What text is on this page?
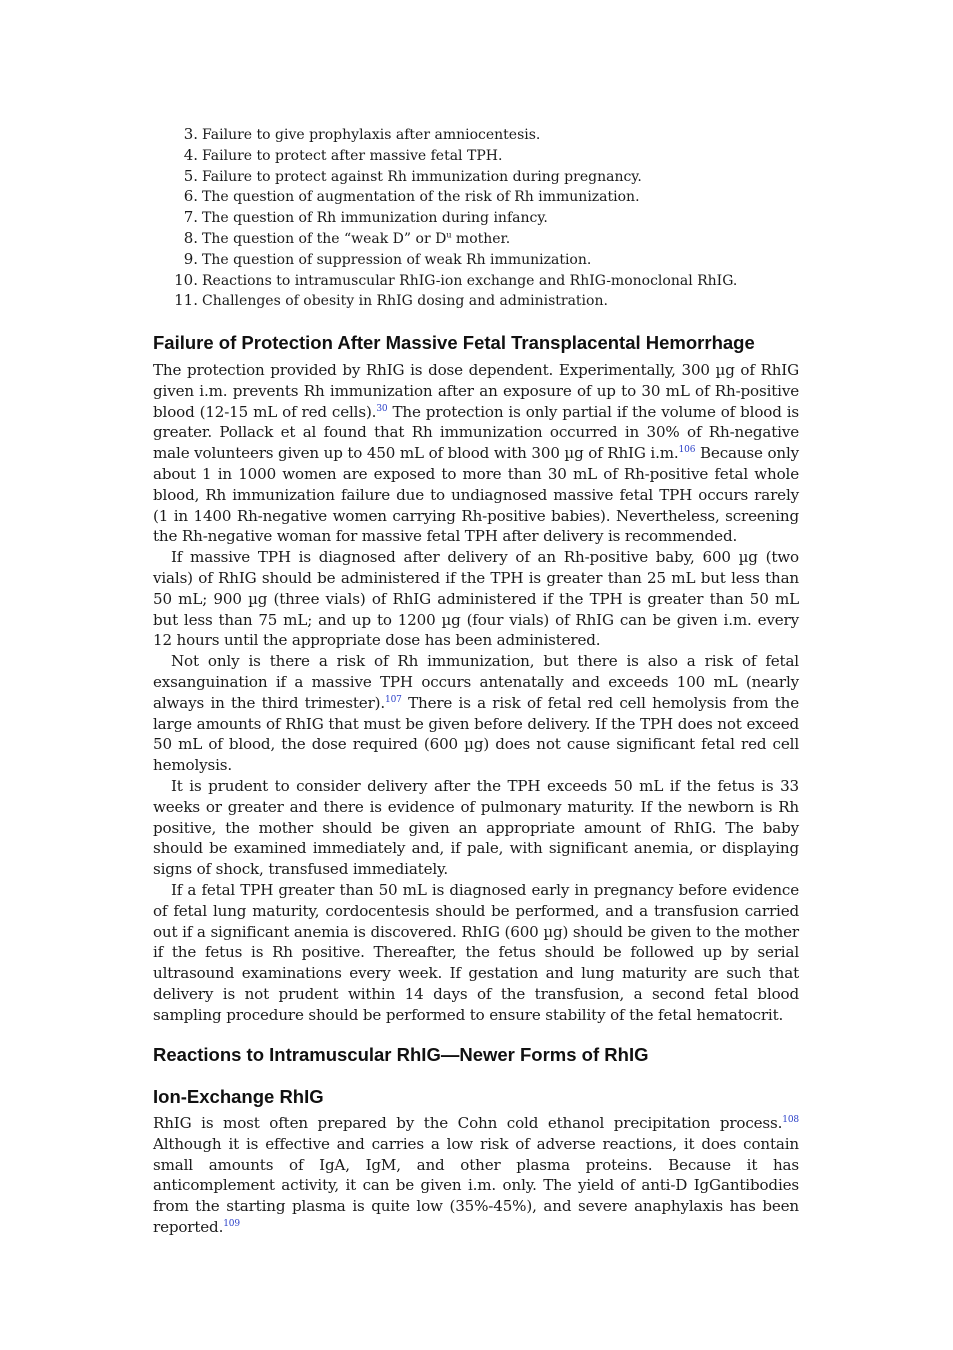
3. Failure to give prophylaxis after amniocentesis.
4. Failure to protect after massive fetal TPH.
5. Failure to protect against Rh immunization during pregnancy.
6. The question of augmentation of the risk of Rh immunization.
7. The question of Rh immunization during infancy.
8. The question of the “weak D” or $D^u$ mother.
9. The question of suppression of weak Rh immunization.
10. Reactions to intramuscular RhIG-ion exchange and RhIG-monoclonal RhIG.
11. Challenges of obesity in RhIG dosing and administration.
Failure of Protection After Massive Fetal Transplacental Hemorrhage

The protection provided by RhIG is dose dependent. Experimentally, 300 µg of RhIG given i.m. prevents Rh immunization after an exposure of up to 30 mL of Rh-positive blood (12-15 mL of red cells).$^{30}$ The protection is only partial if the volume of blood is greater. Pollack et al found that Rh immunization occurred in 30% of Rh-negative male volunteers given up to 450 mL of blood with 300 µg of RhIG i.m.$^{106}$ Because only about 1 in 1000 women are exposed to more than 30 mL of Rh-positive fetal whole blood, Rh immunization failure due to undiagnosed massive fetal TPH occurs rarely (1 in 1400 Rh-negative women carrying Rh-positive babies). Nevertheless, screening the Rh-negative woman for massive fetal TPH after delivery is recommended.

If massive TPH is diagnosed after delivery of an Rh-positive baby, 600 µg (two vials) of RhIG should be administered if the TPH is greater than 25 mL but less than 50 mL; 900 µg (three vials) of RhIG administered if the TPH is greater than 50 mL but less than 75 mL; and up to 1200 µg (four vials) of RhIG can be given i.m. every 12 hours until the appropriate dose has been administered.

Not only is there a risk of Rh immunization, but there is also a risk of fetal exsanguination if a massive TPH occurs antenatally and exceeds 100 mL (nearly always in the third trimester).$^{107}$ There is a risk of fetal red cell hemolysis from the large amounts of RhIG that must be given before delivery. If the TPH does not exceed 50 mL of blood, the dose required (600 µg) does not cause significant fetal red cell hemolysis.

It is prudent to consider delivery after the TPH exceeds 50 mL if the fetus is 33 weeks or greater and there is evidence of pulmonary maturity. If the newborn is Rh positive, the mother should be given an appropriate amount of RhIG. The baby should be examined immediately and, if pale, with significant anemia, or displaying signs of shock, transfused immediately.

If a fetal TPH greater than 50 mL is diagnosed early in pregnancy before evidence of fetal lung maturity, cordocentesis should be performed, and a transfusion carried out if a significant anemia is discovered. RhIG (600 µg) should be given to the mother if the fetus is Rh positive. Thereafter, the fetus should be followed up by serial ultrasound examinations every week. If gestation and lung maturity are such that delivery is not prudent within 14 days of the transfusion, a second fetal blood sampling procedure should be performed to ensure stability of the fetal hematocrit.

Reactions to Intramuscular RhIG—Newer Forms of RhIG
Ion-Exchange RhIG

RhIG is most often prepared by the Cohn cold ethanol precipitation process.$^{108}$ Although it is effective and carries a low risk of adverse reactions, it does contain small amounts of IgA, IgM, and other plasma proteins. Because it has anticomplement activity, it can be given i.m. only. The yield of anti-D IgGantibodies from the starting plasma is quite low (35%-45%), and severe anaphylaxis has been reported.$^{109}$
